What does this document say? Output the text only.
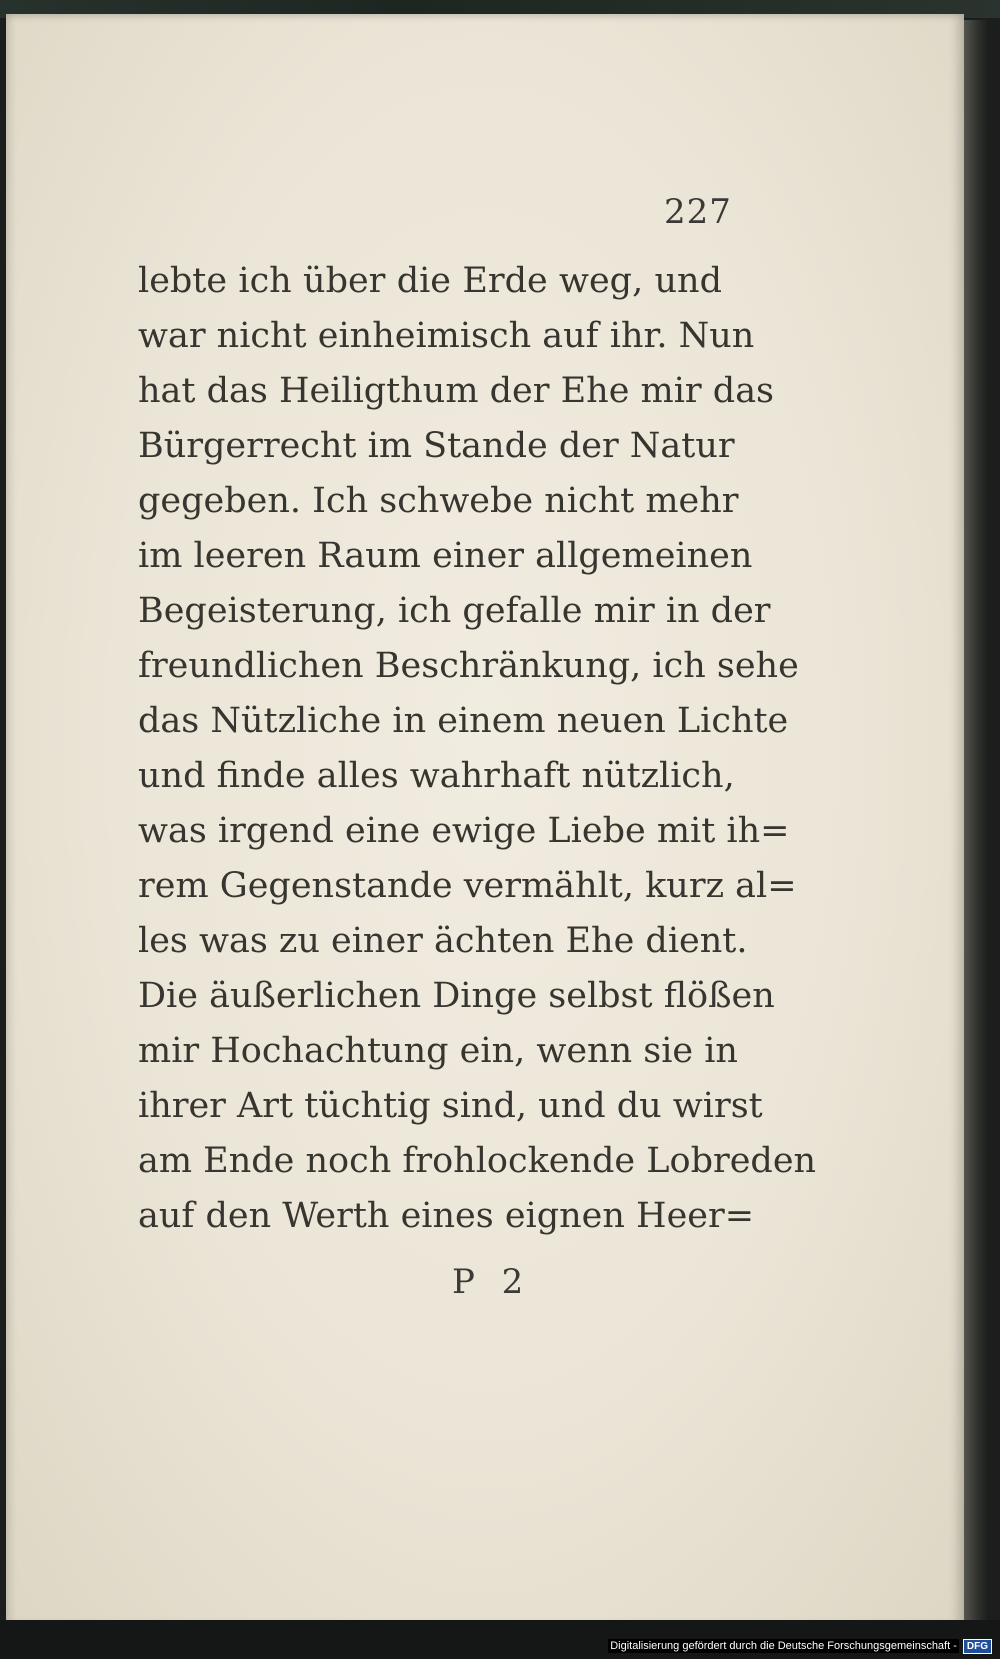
227
lebte ich über die Erde weg, und
war nicht einheimisch auf ihr. Nun
hat das Heiligthum der Ehe mir das
Bürgerrecht im Stande der Natur
gegeben. Ich schwebe nicht mehr
im leeren Raum einer allgemeinen
Begeisterung, ich gefalle mir in der
freundlichen Beschränkung, ich sehe
das Nützliche in einem neuen Lichte
und finde alles wahrhaft nützlich,
was irgend eine ewige Liebe mit ih=
rem Gegenstande vermählt, kurz al=
les was zu einer ächten Ehe dient.
Die äußerlichen Dinge selbst flößen
mir Hochachtung ein, wenn sie in
ihrer Art tüchtig sind, und du wirst
am Ende noch frohlockende Lobreden
auf den Werth eines eignen Heer=
P 2
Digitalisierung gefördert durch die Deutsche Forschungsgemeinschaft -	DFG
